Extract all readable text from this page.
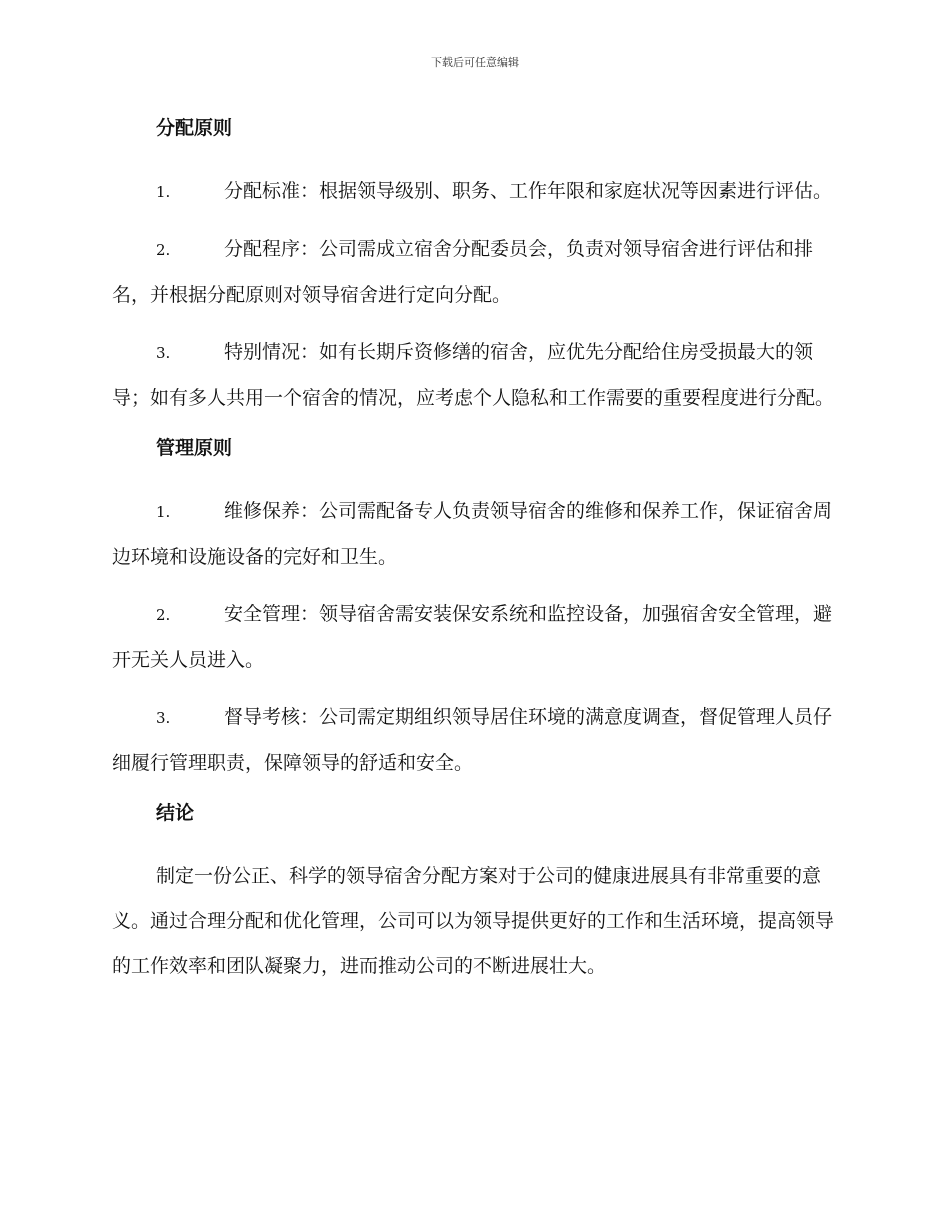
下载后可任意编辑
分配原则

1.	分配标准：根据领导级别、职务、工作年限和家庭状况等因素进行评估。

2.	分配程序：公司需成立宿舍分配委员会，负责对领导宿舍进行评估和排名，并根据分配原则对领导宿舍进行定向分配。

3.	特别情况：如有长期斥资修缮的宿舍，应优先分配给住房受损最大的领导；如有多人共用一个宿舍的情况，应考虑个人隐私和工作需要的重要程度进行分配。

管理原则

1.	维修保养：公司需配备专人负责领导宿舍的维修和保养工作，保证宿舍周边环境和设施设备的完好和卫生。

2.	安全管理：领导宿舍需安装保安系统和监控设备，加强宿舍安全管理，避开无关人员进入。

3.	督导考核：公司需定期组织领导居住环境的满意度调查，督促管理人员仔细履行管理职责，保障领导的舒适和安全。

结论

制定一份公正、科学的领导宿舍分配方案对于公司的健康进展具有非常重要的意义。通过合理分配和优化管理，公司可以为领导提供更好的工作和生活环境，提高领导的工作效率和团队凝聚力，进而推动公司的不断进展壮大。
